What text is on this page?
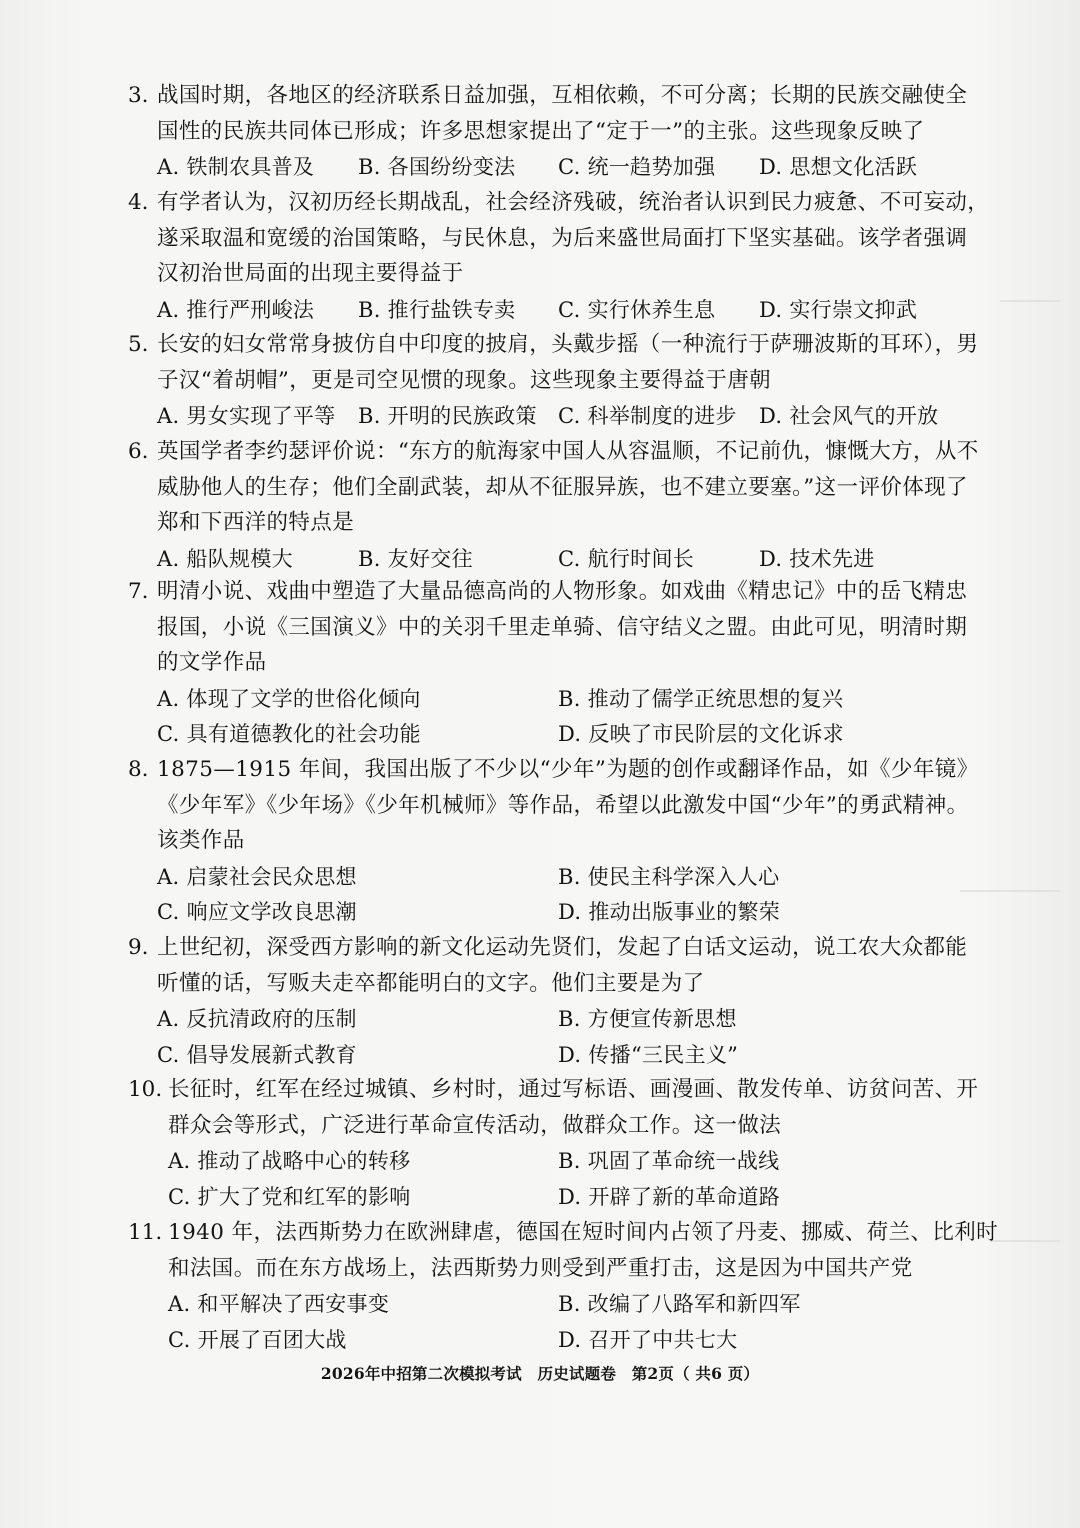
3. 战国时期，各地区的经济联系日益加强，互相依赖，不可分离；长期的民族交融使全
国性的民族共同体已形成；许多思想家提出了“定于一”的主张。这些现象反映了
A. 铁制农具普及 B. 各国纷纷变法 C. 统一趋势加强 D. 思想文化活跃
4. 有学者认为，汉初历经长期战乱，社会经济残破，统治者认识到民力疲惫、不可妄动，
遂采取温和宽缓的治国策略，与民休息，为后来盛世局面打下坚实基础。该学者强调
汉初治世局面的出现主要得益于
A. 推行严刑峻法 B. 推行盐铁专卖 C. 实行休养生息 D. 实行崇文抑武
5. 长安的妇女常常身披仿自中印度的披肩，头戴步摇（一种流行于萨珊波斯的耳环），男
子汉“着胡帽”，更是司空见惯的现象。这些现象主要得益于唐朝
A. 男女实现了平等 B. 开明的民族政策 C. 科举制度的进步 D. 社会风气的开放
6. 英国学者李约瑟评价说：“东方的航海家中国人从容温顺，不记前仇，慷慨大方，从不
威胁他人的生存；他们全副武装，却从不征服异族，也不建立要塞。”这一评价体现了
郑和下西洋的特点是
A. 船队规模大	B. 友好交往	C. 航行时间长	D. 技术先进
7. 明清小说、戏曲中塑造了大量品德高尚的人物形象。如戏曲《精忠记》中的岳飞精忠
报国，小说《三国演义》中的关羽千里走单骑、信守结义之盟。由此可见，明清时期
的文学作品
A. 体现了文学的世俗化倾向	B. 推动了儒学正统思想的复兴
C. 具有道德教化的社会功能	D. 反映了市民阶层的文化诉求
8. 1875—1915 年间，我国出版了不少以“少年”为题的创作或翻译作品，如《少年镜》
《少年军》《少年场》《少年机械师》等作品，希望以此激发中国“少年”的勇武精神。
该类作品
A. 启蒙社会民众思想	B. 使民主科学深入人心
C. 响应文学改良思潮	D. 推动出版事业的繁荣
9. 上世纪初，深受西方影响的新文化运动先贤们，发起了白话文运动，说工农大众都能
听懂的话，写贩夫走卒都能明白的文字。他们主要是为了
A. 反抗清政府的压制	B. 方便宣传新思想
C. 倡导发展新式教育	D. 传播“三民主义”
10. 长征时，红军在经过城镇、乡村时，通过写标语、画漫画、散发传单、访贫问苦、开
群众会等形式，广泛进行革命宣传活动，做群众工作。这一做法
A. 推动了战略中心的转移	B. 巩固了革命统一战线
C. 扩大了党和红军的影响	D. 开辟了新的革命道路
11. 1940 年，法西斯势力在欧洲肆虐，德国在短时间内占领了丹麦、挪威、荷兰、比利时
和法国。而在东方战场上，法西斯势力则受到严重打击，这是因为中国共产党
A. 和平解决了西安事变	B. 改编了八路军和新四军
C. 开展了百团大战	D. 召开了中共七大
2026年中招第二次模拟考试　历史试题卷　第2页（ 共6 页）
